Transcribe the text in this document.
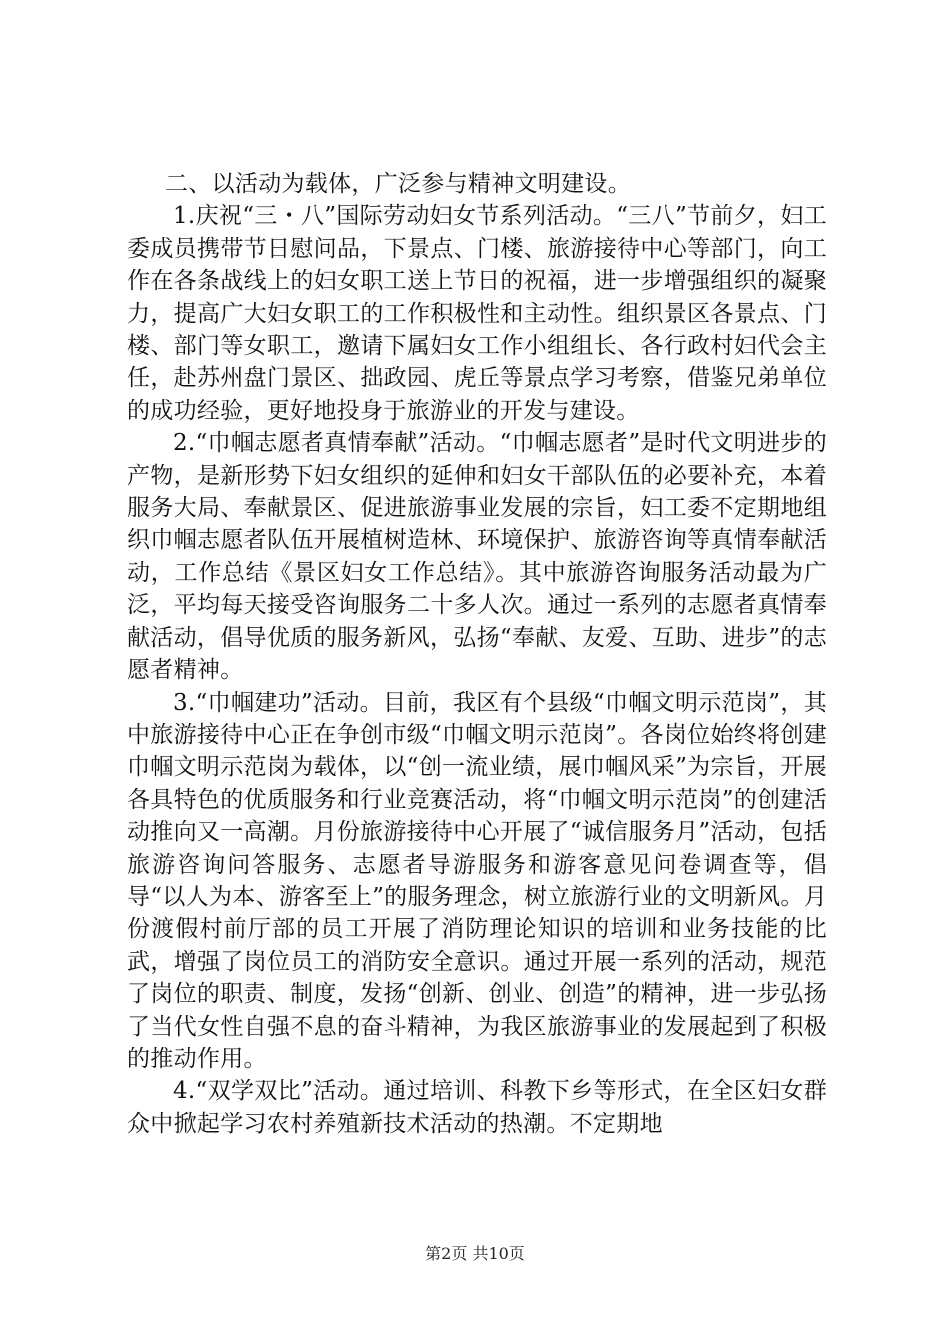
二、以活动为载体，广泛参与精神文明建设。

1.庆祝“三・八”国际劳动妇女节系列活动。“三八”节前夕，妇工委成员携带节日慰问品，下景点、门楼、旅游接待中心等部门，向工作在各条战线上的妇女职工送上节日的祝福，进一步增强组织的凝聚力，提高广大妇女职工的工作积极性和主动性。组织景区各景点、门楼、部门等女职工，邀请下属妇女工作小组组长、各行政村妇代会主任，赴苏州盘门景区、拙政园、虎丘等景点学习考察，借鉴兄弟单位的成功经验，更好地投身于旅游业的开发与建设。

2.“巾帼志愿者真情奉献”活动。“巾帼志愿者”是时代文明进步的产物，是新形势下妇女组织的延伸和妇女干部队伍的必要补充，本着服务大局、奉献景区、促进旅游事业发展的宗旨，妇工委不定期地组织巾帼志愿者队伍开展植树造林、环境保护、旅游咨询等真情奉献活动，工作总结《景区妇女工作总结》。其中旅游咨询服务活动最为广泛，平均每天接受咨询服务二十多人次。通过一系列的志愿者真情奉献活动，倡导优质的服务新风，弘扬“奉献、友爱、互助、进步”的志愿者精神。

3.“巾帼建功”活动。目前，我区有个县级“巾帼文明示范岗”，其中旅游接待中心正在争创市级“巾帼文明示范岗”。各岗位始终将创建巾帼文明示范岗为载体，以“创一流业绩，展巾帼风采”为宗旨，开展各具特色的优质服务和行业竞赛活动，将“巾帼文明示范岗”的创建活动推向又一高潮。月份旅游接待中心开展了“诚信服务月”活动，包括旅游咨询问答服务、志愿者导游服务和游客意见问卷调查等，倡导“以人为本、游客至上”的服务理念，树立旅游行业的文明新风。月份渡假村前厅部的员工开展了消防理论知识的培训和业务技能的比武，增强了岗位员工的消防安全意识。通过开展一系列的活动，规范了岗位的职责、制度，发扬“创新、创业、创造”的精神，进一步弘扬了当代女性自强不息的奋斗精神，为我区旅游事业的发展起到了积极的推动作用。

4.“双学双比”活动。通过培训、科教下乡等形式，在全区妇女群众中掀起学习农村养殖新技术活动的热潮。不定期地

第2页 共10页
